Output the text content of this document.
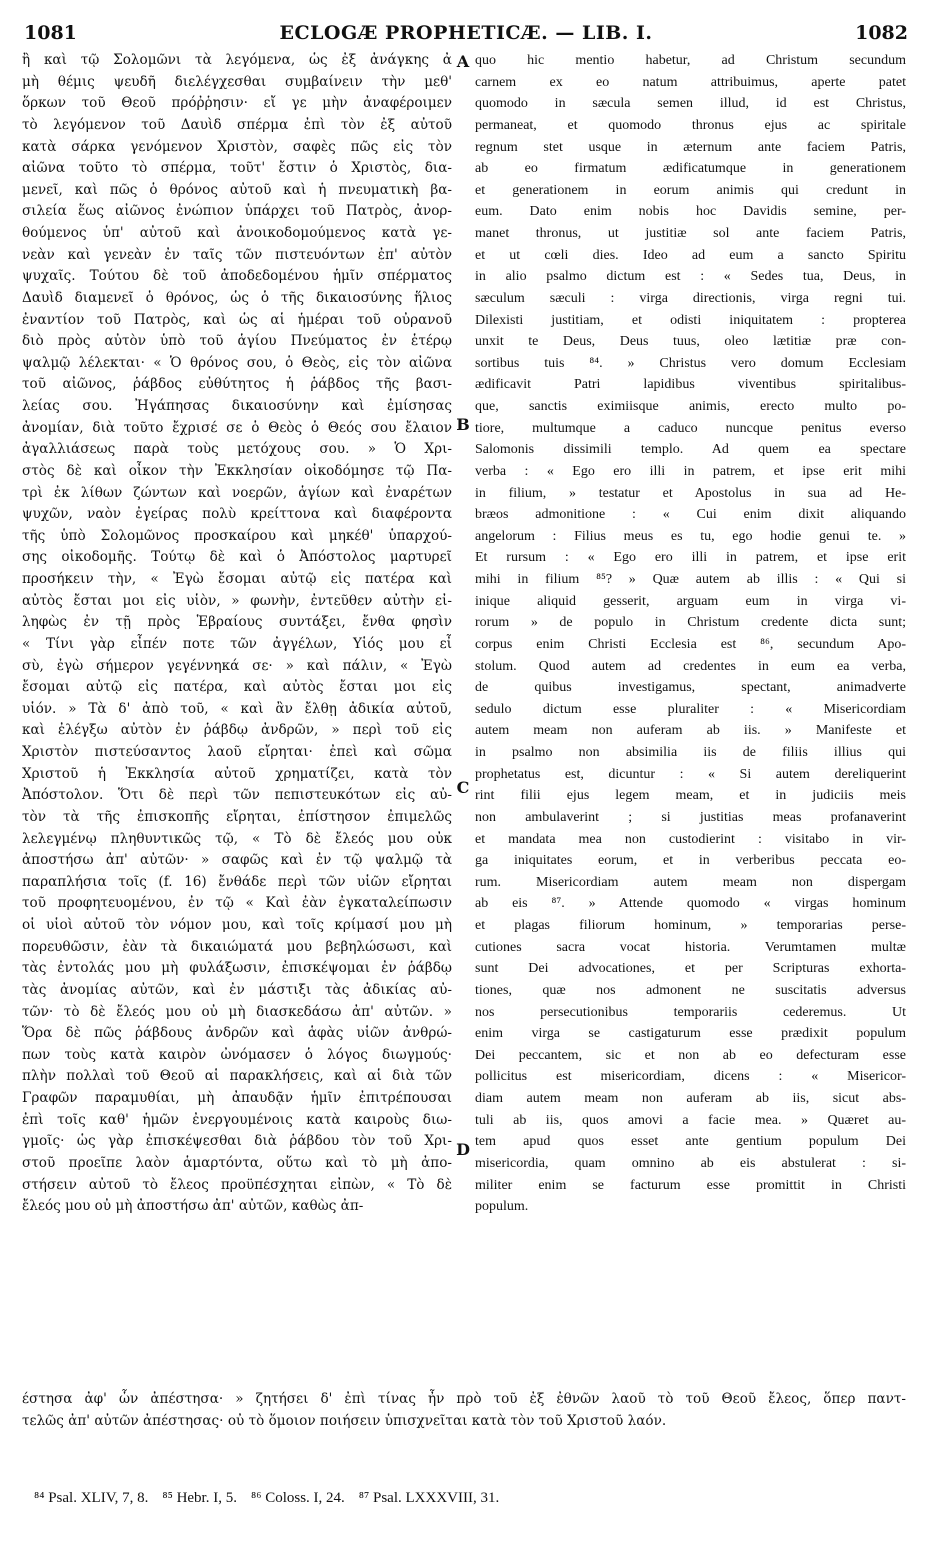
1081	ECLOGÆ PROPHETICÆ. — LIB. I.	1082
ἢ καὶ τῷ Σολομῶνι τὰ λεγόμενα, ὡς ἐξ ἀνάγκης ἀ
μὴ θέμις ψευδῆ διελέγχεσθαι συμβαίνειν τὴν μεθ'
ὅρκων τοῦ Θεοῦ πρόῤῥησιν· εἴ γε μὴν ἀναφέροιμεν
τὸ λεγόμενον τοῦ Δαυὶδ σπέρμα ἐπὶ τὸν ἐξ αὐτοῦ
κατὰ σάρκα γενόμενον Χριστὸν, σαφὲς πῶς εἰς τὸν
αἰῶνα τοῦτο τὸ σπέρμα, τοῦτ' ἔστιν ὁ Χριστὸς, δια-
μενεῖ, καὶ πῶς ὁ θρόνος αὐτοῦ καὶ ἡ πνευματικὴ βα-
σιλεία ἕως αἰῶνος ἐνώπιον ὑπάρχει τοῦ Πατρὸς, ἀνορ-
θούμενος ὑπ' αὐτοῦ καὶ ἀνοικοδομούμενος κατὰ γε-
νεὰν καὶ γενεὰν ἐν ταῖς τῶν πιστευόντων ἐπ' αὐτὸν
ψυχαῖς. Τούτου δὲ τοῦ ἀποδεδομένου ἡμῖν σπέρματος
Δαυὶδ διαμενεῖ ὁ θρόνος, ὡς ὁ τῆς δικαιοσύνης ἥλιος
ἐναντίον τοῦ Πατρὸς, καὶ ὡς αἱ ἡμέραι τοῦ οὐρανοῦ
διὸ πρὸς αὐτὸν ὑπὸ τοῦ ἁγίου Πνεύματος ἐν ἑτέρῳ
ψαλμῷ λέλεκται· « Ὁ θρόνος σου, ὁ Θεὸς, εἰς τὸν αἰῶνα
τοῦ αἰῶνος, ῥάβδος εὐθύτητος ἡ ῥάβδος τῆς βασι-
λείας σου. Ἠγάπησας δικαιοσύνην καὶ ἐμίσησας
ἀνομίαν, διὰ τοῦτο ἔχρισέ σε ὁ Θεὸς ὁ Θεός σου ἔλαιον
ἀγαλλιάσεως παρὰ τοὺς μετόχους σου. » Ὁ Χρι-
στὸς δὲ καὶ οἶκον τὴν Ἐκκλησίαν οἰκοδόμησε τῷ Πα-
τρὶ ἐκ λίθων ζώντων καὶ νοερῶν, ἁγίων καὶ ἐναρέτων
ψυχῶν, ναὸν ἐγείρας πολὺ κρείττονα καὶ διαφέροντα
τῆς ὑπὸ Σολομῶνος προσκαίρου καὶ μηκέθ' ὑπαρχού-
σης οἰκοδομῆς. Τούτῳ δὲ καὶ ὁ Ἀπόστολος μαρτυρεῖ
προσήκειν τὴν, « Ἐγὼ ἔσομαι αὐτῷ εἰς πατέρα καὶ
αὐτὸς ἔσται μοι εἰς υἱὸν, » φωνὴν, ἐντεῦθεν αὐτὴν εἰ-
ληφὼς ἐν τῇ πρὸς Ἑβραίους συντάξει, ἔνθα φησὶν
« Τίνι γὰρ εἶπέν ποτε τῶν ἀγγέλων, Υἱός μου εἶ
σὺ, ἐγὼ σήμερον γεγέννηκά σε· » καὶ πάλιν, « Ἐγὼ
ἔσομαι αὐτῷ εἰς πατέρα, καὶ αὐτὸς ἔσται μοι εἰς
υἱόν. » Τὰ δ' ἀπὸ τοῦ, « καὶ ἂν ἔλθῃ ἀδικία αὐτοῦ,
καὶ ἐλέγξω αὐτὸν ἐν ῥάβδῳ ἀνδρῶν, » περὶ τοῦ εἰς
Χριστὸν πιστεύσαντος λαοῦ εἴρηται· ἐπεὶ καὶ σῶμα
Χριστοῦ ἡ Ἐκκλησία αὐτοῦ χρηματίζει, κατὰ τὸν
Ἀπόστολον. Ὅτι δὲ περὶ τῶν πεπιστευκότων εἰς αὐ-
τὸν τὰ τῆς ἐπισκοπῆς εἴρηται, ἐπίστησον ἐπιμελῶς
λελεγμένῳ πληθυντικῶς τῷ, « Τὸ δὲ ἔλεός μου οὐκ
ἀποστήσω ἀπ' αὐτῶν· » σαφῶς καὶ ἐν τῷ ψαλμῷ τὰ
παραπλήσια τοῖς (f. 16) ἔνθάδε περὶ τῶν υἱῶν εἴρηται
τοῦ προφητευομένου, ἐν τῷ « Καὶ ἐὰν ἐγκαταλείπωσιν
οἱ υἱοὶ αὐτοῦ τὸν νόμον μου, καὶ τοῖς κρίμασί μου μὴ
πορευθῶσιν, ἐὰν τὰ δικαιώματά μου βεβηλώσωσι, καὶ
τὰς ἐντολάς μου μὴ φυλάξωσιν, ἐπισκέψομαι ἐν ῥάβδῳ
τὰς ἀνομίας αὐτῶν, καὶ ἐν μάστιξι τὰς ἀδικίας αὐ-
τῶν· τὸ δὲ ἔλεός μου οὐ μὴ διασκεδάσω ἀπ' αὐτῶν. »
Ὅρα δὲ πῶς ῥάβδους ἀνδρῶν καὶ ἁφὰς υἱῶν ἀνθρώ-
πων τοὺς κατὰ καιρὸν ὠνόμασεν ὁ λόγος διωγμούς·
πλὴν πολλαὶ τοῦ Θεοῦ αἱ παρακλήσεις, καὶ αἱ διὰ τῶν
Γραφῶν παραμυθίαι, μὴ ἀπαυδᾷν ἡμῖν ἐπιτρέπουσαι
ἐπὶ τοῖς καθ' ἡμῶν ἐνεργουμένοις κατὰ καιροὺς διω-
γμοῖς· ὡς γὰρ ἐπισκέψεσθαι διὰ ῥάβδου τὸν τοῦ Χρι-
στοῦ προεῖπε λαὸν ἁμαρτόντα, οὕτω καὶ τὸ μὴ ἀπο-
στήσειν αὐτοῦ τὸ ἔλεος προϋπέσχηται εἰπὼν, « Τὸ δὲ
ἔλεός μου οὐ μὴ ἀποστήσω ἀπ' αὐτῶν, καθὼς ἀπ-
A
B
C
D
quo hic mentio habetur, ad Christum secundum
carnem ex eo natum attribuimus, aperte patet
quomodo in sæcula semen illud, id est Christus,
permaneat, et quomodo thronus ejus ac spiritale
regnum stet usque in æternum ante faciem Patris,
ab eo firmatum ædificatumque in generationem
et generationem in eorum animis qui credunt in
eum. Dato enim nobis hoc Davidis semine, per-
manet thronus, ut justitiæ sol ante faciem Patris,
et ut cœli dies. Ideo ad eum a sancto Spiritu
in alio psalmo dictum est : « Sedes tua, Deus, in
sæculum sæculi : virga directionis, virga regni tui.
Dilexisti justitiam, et odisti iniquitatem : propterea
unxit te Deus, Deus tuus, oleo lætitiæ præ con-
sortibus tuis ⁸⁴. » Christus vero domum Ecclesiam
ædificavit Patri lapidibus viventibus spiritalibus-
que, sanctis eximiisque animis, erecto multo po-
tiore, multumque a caduco nuncque penitus everso
Salomonis dissimili templo. Ad quem ea spectare
verba : « Ego ero illi in patrem, et ipse erit mihi
in filium, » testatur et Apostolus in sua ad He-
bræos admonitione : « Cui enim dixit aliquando
angelorum : Filius meus es tu, ego hodie genui te. »
Et rursum : « Ego ero illi in patrem, et ipse erit
mihi in filium ⁸⁵? » Quæ autem ab illis : « Qui si
inique aliquid gesserit, arguam eum in virga vi-
rorum » de populo in Christum credente dicta sunt;
corpus enim Christi Ecclesia est ⁸⁶, secundum Apo-
stolum. Quod autem ad credentes in eum ea verba,
de quibus investigamus, spectant, animadverte
sedulo dictum esse pluraliter : « Misericordiam
autem meam non auferam ab iis. » Manifeste et
in psalmo non absimilia iis de filiis illius qui
prophetatus est, dicuntur : « Si autem dereliquerint
rint filii ejus legem meam, et in judiciis meis
non ambulaverint ; si justitias meas profanaverint
et mandata mea non custodierint : visitabo in vir-
ga iniquitates eorum, et in verberibus peccata eo-
rum. Misericordiam autem meam non dispergam
ab eis ⁸⁷. » Attende quomodo « virgas hominum
et plagas filiorum hominum, » temporarias perse-
cutiones sacra vocat historia. Verumtamen multæ
sunt Dei advocationes, et per Scripturas exhorta-
tiones, quæ nos admonent ne suscitatis adversus
nos persecutionibus temporariis cederemus. Ut
enim virga se castigaturum esse prædixit populum
Dei peccantem, sic et non ab eo defecturam esse
pollicitus est misericordiam, dicens : « Misericor-
diam autem meam non auferam ab iis, sicut abs-
tuli ab iis, quos amovi a facie mea. » Quæret au-
tem apud quos esset ante gentium populum Dei
misericordia, quam omnino ab eis abstulerat : si-
militer enim se facturum esse promittit in Christi
populum.
έστησα ἀφ' ὧν ἀπέστησα· » ζητήσει δ' ἐπὶ τίνας ἦν πρὸ τοῦ ἐξ ἐθνῶν λαοῦ τὸ τοῦ Θεοῦ ἔλεος, ὅπερ παντ-
τελῶς ἀπ' αὐτῶν ἀπέστησας· οὐ τὸ ὅμοιον ποιήσειν ὑπισχνεῖται κατὰ τὸν τοῦ Χριστοῦ λαόν.
⁸⁴ Psal. XLIV, 7, 8. ⁸⁵ Hebr. I, 5. ⁸⁶ Coloss. I, 24. ⁸⁷ Psal. LXXXVIII, 31.
